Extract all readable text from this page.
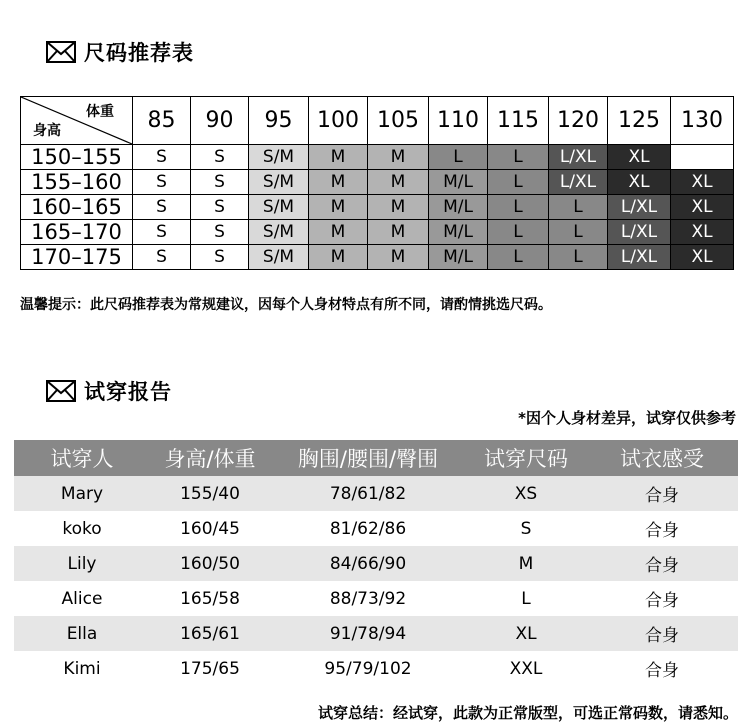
尺码推荐表
体重
身高	85	90	95	100	105	110	115	120	125	130
150–155	S	S	S/M	M	M	L	L	L/XL	XL	
155–160	S	S	S/M	M	M	M/L	L	L/XL	XL	XL
160–165	S	S	S/M	M	M	M/L	L	L	L/XL	XL
165–170	S	S	S/M	M	M	M/L	L	L	L/XL	XL
170–175	S	S	S/M	M	M	M/L	L	L	L/XL	XL
温馨提示：此尺码推荐表为常规建议，因每个人身材特点有所不同，请酌情挑选尺码。
试穿报告
*因个人身材差异，试穿仅供参考
试穿人	身高/体重	胸围/腰围/臀围	试穿尺码	试衣感受
Mary	155/40	78/61/82	XS	合身
koko	160/45	81/62/86	S	合身
Lily	160/50	84/66/90	M	合身
Alice	165/58	88/73/92	L	合身
Ella	165/61	91/78/94	XL	合身
Kimi	175/65	95/79/102	XXL	合身
试穿总结：经试穿，此款为正常版型，可选正常码数，请悉知。
